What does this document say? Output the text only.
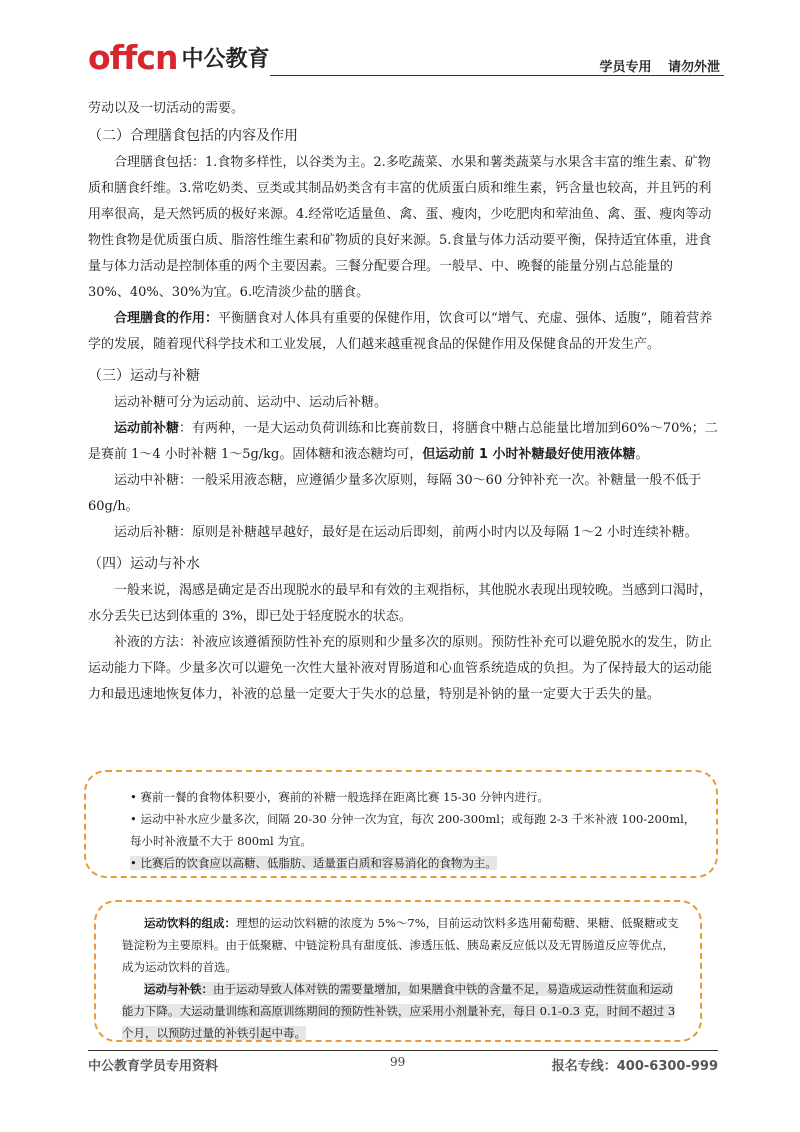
offcn 中公教育	学员专用 请勿外泄

劳动以及一切活动的需要。

（二）合理膳食包括的内容及作用

合理膳食包括：1.食物多样性，以谷类为主。2.多吃蔬菜、水果和薯类蔬菜与水果含丰富的维生素、矿物质和膳食纤维。3.常吃奶类、豆类或其制品奶类含有丰富的优质蛋白质和维生素，钙含量也较高，并且钙的利用率很高，是天然钙质的极好来源。4.经常吃适量鱼、禽、蛋、瘦肉，少吃肥肉和荤油鱼、禽、蛋、瘦肉等动物性食物是优质蛋白质、脂溶性维生素和矿物质的良好来源。5.食量与体力活动要平衡，保持适宜体重，进食量与体力活动是控制体重的两个主要因素。三餐分配要合理。一般早、中、晚餐的能量分别占总能量的 30%、40%、30%为宜。6.吃清淡少盐的膳食。

合理膳食的作用：平衡膳食对人体具有重要的保健作用，饮食可以“增气、充虚、强体、适腹”，随着营养学的发展，随着现代科学技术和工业发展，人们越来越重视食品的保健作用及保健食品的开发生产。

（三）运动与补糖

运动补糖可分为运动前、运动中、运动后补糖。

运动前补糖：有两种，一是大运动负荷训练和比赛前数日，将膳食中糖占总能量比增加到60%～70%；二是赛前 1～4 小时补糖 1～5g/kg。固体糖和液态糖均可，但运动前 1 小时补糖最好使用液体糖。

运动中补糖：一般采用液态糖，应遵循少量多次原则，每隔 30～60 分钟补充一次。补糖量一般不低于 60g/h。

运动后补糖：原则是补糖越早越好，最好是在运动后即刻，前两小时内以及每隔 1～2 小时连续补糖。

（四）运动与补水

一般来说，渴感是确定是否出现脱水的最早和有效的主观指标，其他脱水表现出现较晚。当感到口渴时，水分丢失已达到体重的 3%，即已处于轻度脱水的状态。

补液的方法：补液应该遵循预防性补充的原则和少量多次的原则。预防性补充可以避免脱水的发生，防止运动能力下降。少量多次可以避免一次性大量补液对胃肠道和心血管系统造成的负担。为了保持最大的运动能力和最迅速地恢复体力，补液的总量一定要大于失水的总量，特别是补钠的量一定要大于丢失的量。

• 赛前一餐的食物体积要小，赛前的补糖一般选择在距离比赛 15-30 分钟内进行。

• 运动中补水应少量多次，间隔 20-30 分钟一次为宜，每次 200-300ml；或每跑 2-3 千米补液 100-200ml，每小时补液量不大于 800ml 为宜。

• 比赛后的饮食应以高糖、低脂肪、适量蛋白质和容易消化的食物为主。

运动饮料的组成：理想的运动饮料糖的浓度为 5%～7%，目前运动饮料多选用葡萄糖、果糖、低聚糖或支链淀粉为主要原料。由于低聚糖、中链淀粉具有甜度低、渗透压低、胰岛素反应低以及无胃肠道反应等优点，成为运动饮料的首选。

运动与补铁：由于运动导致人体对铁的需要量增加，如果膳食中铁的含量不足，易造成运动性贫血和运动能力下降。大运动量训练和高原训练期间的预防性补铁，应采用小剂量补充，每日 0.1-0.3 克，时间不超过 3 个月，以预防过量的补铁引起中毒。

中公教育学员专用资料	99	报名专线：400-6300-999
